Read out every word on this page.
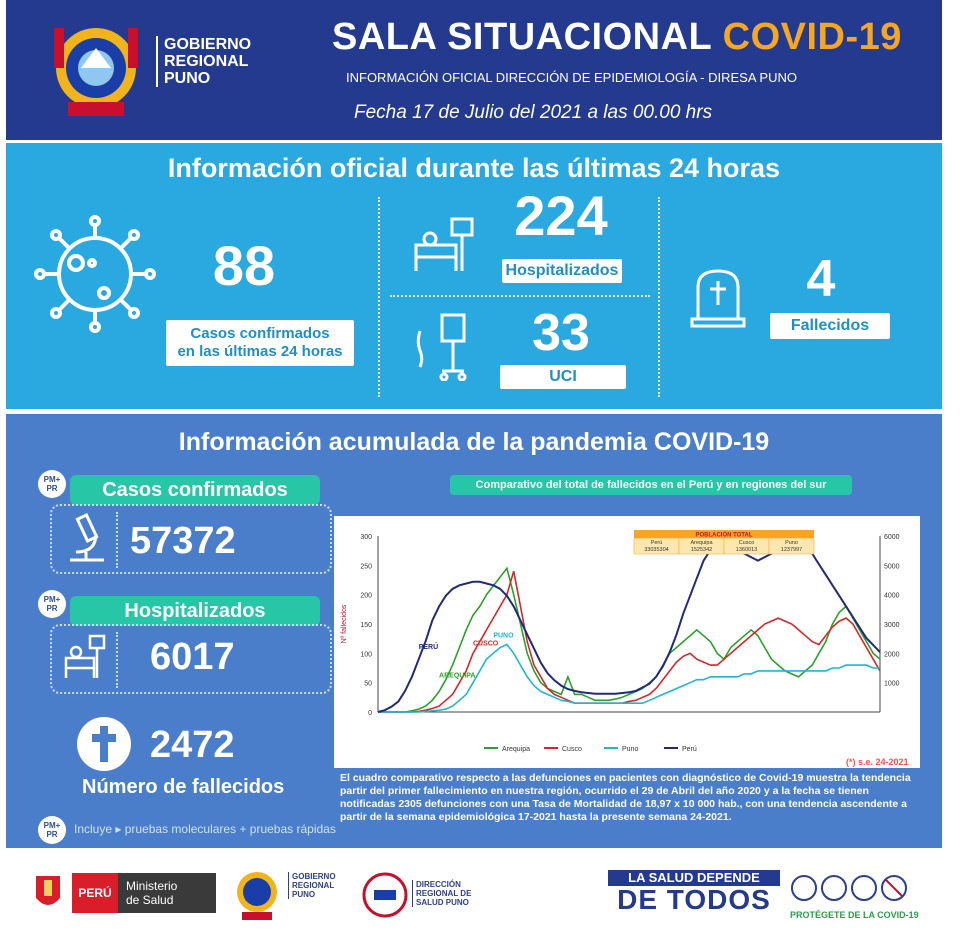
GOBIERNO
REGIONAL
PUNO
SALA SITUACIONAL COVID-19
INFORMACIÓN OFICIAL DIRECCIÓN DE EPIDEMIOLOGÍA - DIRESA PUNO
Fecha 17 de Julio del 2021 a las 00.00 hrs
Información oficial durante las últimas 24 horas
88
Casos confirmados
en las últimas 24 horas
224
Hospitalizados
33
UCI
4
Fallecidos
Información acumulada de la pandemia COVID-19
PM+ PR	Casos confirmados
57372
PM+ PR	Hospitalizados
6017
2472
Número de fallecidos
PM+ PR	Incluye ▸ pruebas moleculares + pruebas rápidas
Comparativo del total de fallecidos en el Perú y en regiones del sur
0
50
100
150
200
250
300
1000
2000
3000
4000
5000
6000
Nº fallecidos
PERÚ
AREQUIPA
CUSCO
PUNO
POBLACIÓN TOTAL
Perú
33035304
Arequipa
1525342
Cusco
1360013
Puno
1237997
Arequipa	Cusco	Puno	Perú
Fuente: Red Nacional de Epidemiología (RENACE)	(*) s.e. 24-2021
El cuadro comparativo respecto a las defunciones en pacientes con diagnóstico de Covid-19 muestra la tendencia partir del primer fallecimiento en nuestra región, ocurrido el 29 de Abril del año 2020 y a la fecha se tienen notificadas 2305 defunciones con una Tasa de Mortalidad de 18,97 x 10 000 hab., con una tendencia ascendente a partir de la semana epidemiológica 17-2021 hasta la presente semana 24-2021.
PERÚ	Ministerio
de Salud
GOBIERNO
REGIONAL
PUNO
DIRECCIÓN
REGIONAL DE
SALUD PUNO
LA SALUD DEPENDE
DE TODOS	PROTÉGETE DE LA COVID-19
